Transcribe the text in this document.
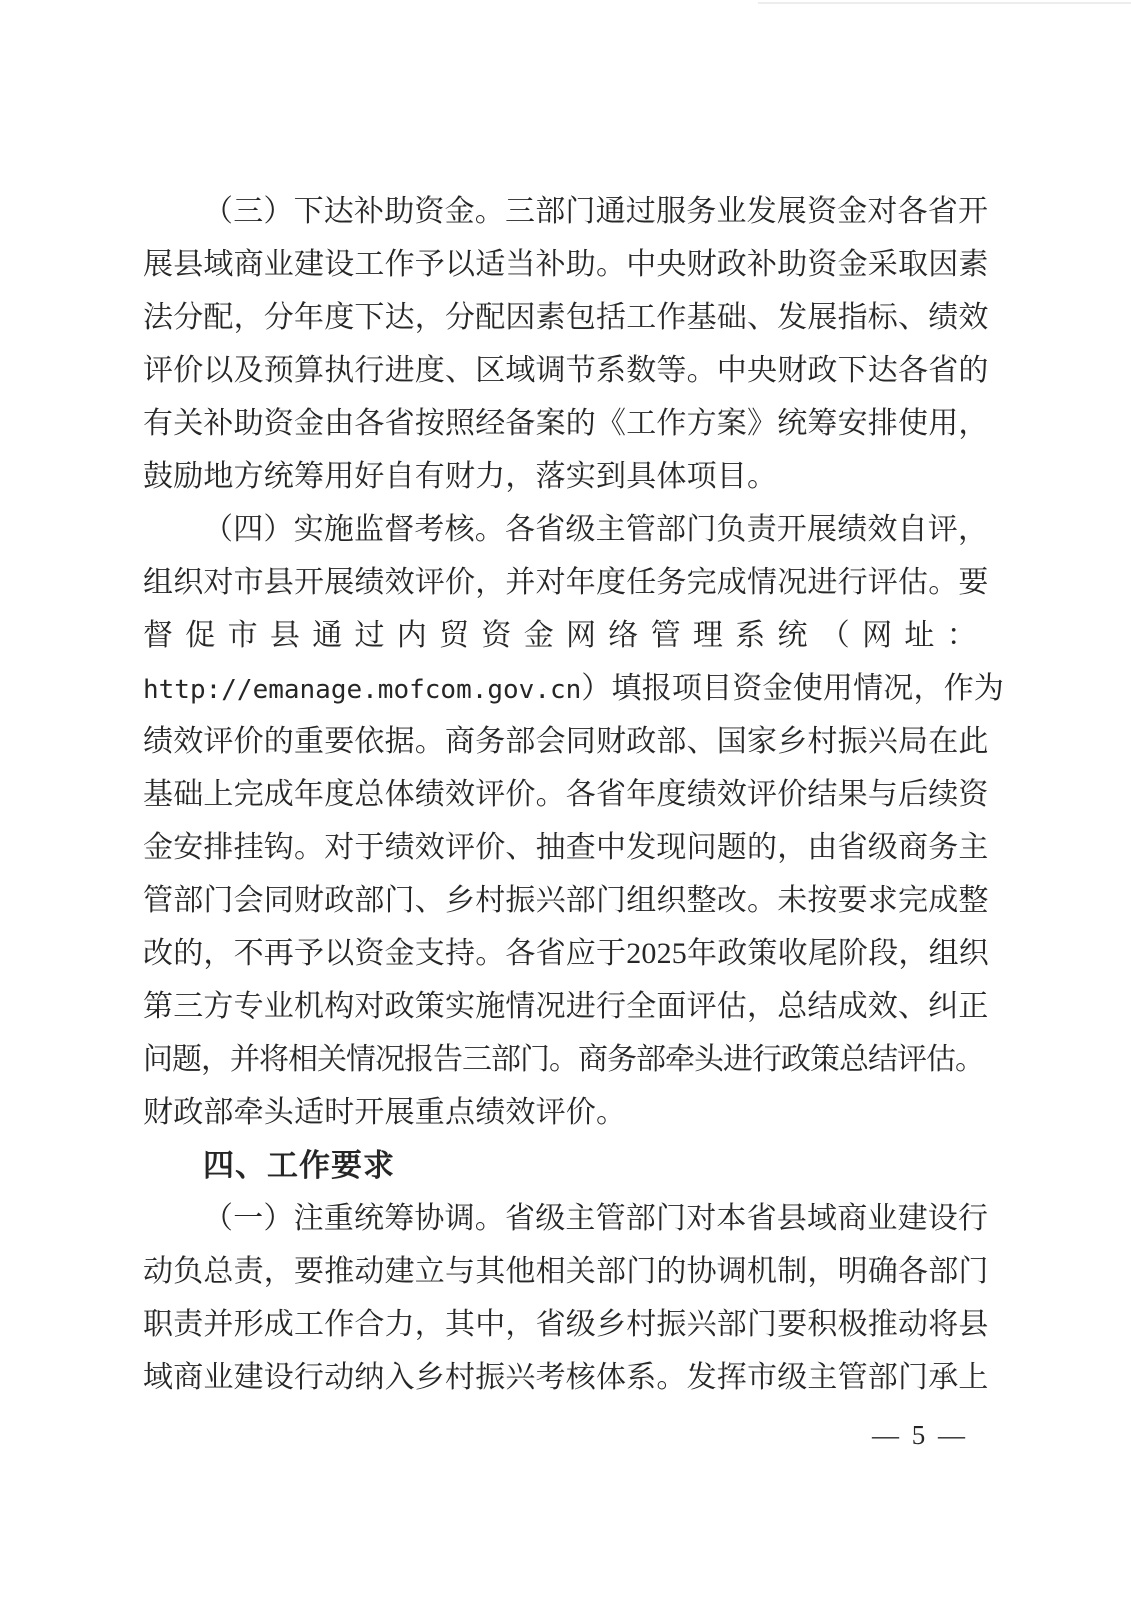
（三）下达补助资金。三部门通过服务业发展资金对各省开
展县域商业建设工作予以适当补助。中央财政补助资金采取因素
法分配，分年度下达，分配因素包括工作基础、发展指标、绩效
评价以及预算执行进度、区域调节系数等。中央财政下达各省的
有关补助资金由各省按照经备案的《工作方案》统筹安排使用，
鼓励地方统筹用好自有财力，落实到具体项目。
（四）实施监督考核。各省级主管部门负责开展绩效自评，
组织对市县开展绩效评价，并对年度任务完成情况进行评估。要
督促市县通过内贸资金网络管理系统（网址：
http://emanage.mofcom.gov.cn）填报项目资金使用情况，作为
绩效评价的重要依据。商务部会同财政部、国家乡村振兴局在此
基础上完成年度总体绩效评价。各省年度绩效评价结果与后续资
金安排挂钩。对于绩效评价、抽查中发现问题的，由省级商务主
管部门会同财政部门、乡村振兴部门组织整改。未按要求完成整
改的，不再予以资金支持。各省应于2025年政策收尾阶段，组织
第三方专业机构对政策实施情况进行全面评估，总结成效、纠正
问题，并将相关情况报告三部门。商务部牵头进行政策总结评估。
财政部牵头适时开展重点绩效评价。
四、工作要求
（一）注重统筹协调。省级主管部门对本省县域商业建设行
动负总责，要推动建立与其他相关部门的协调机制，明确各部门
职责并形成工作合力，其中，省级乡村振兴部门要积极推动将县
域商业建设行动纳入乡村振兴考核体系。发挥市级主管部门承上
— 5 —
